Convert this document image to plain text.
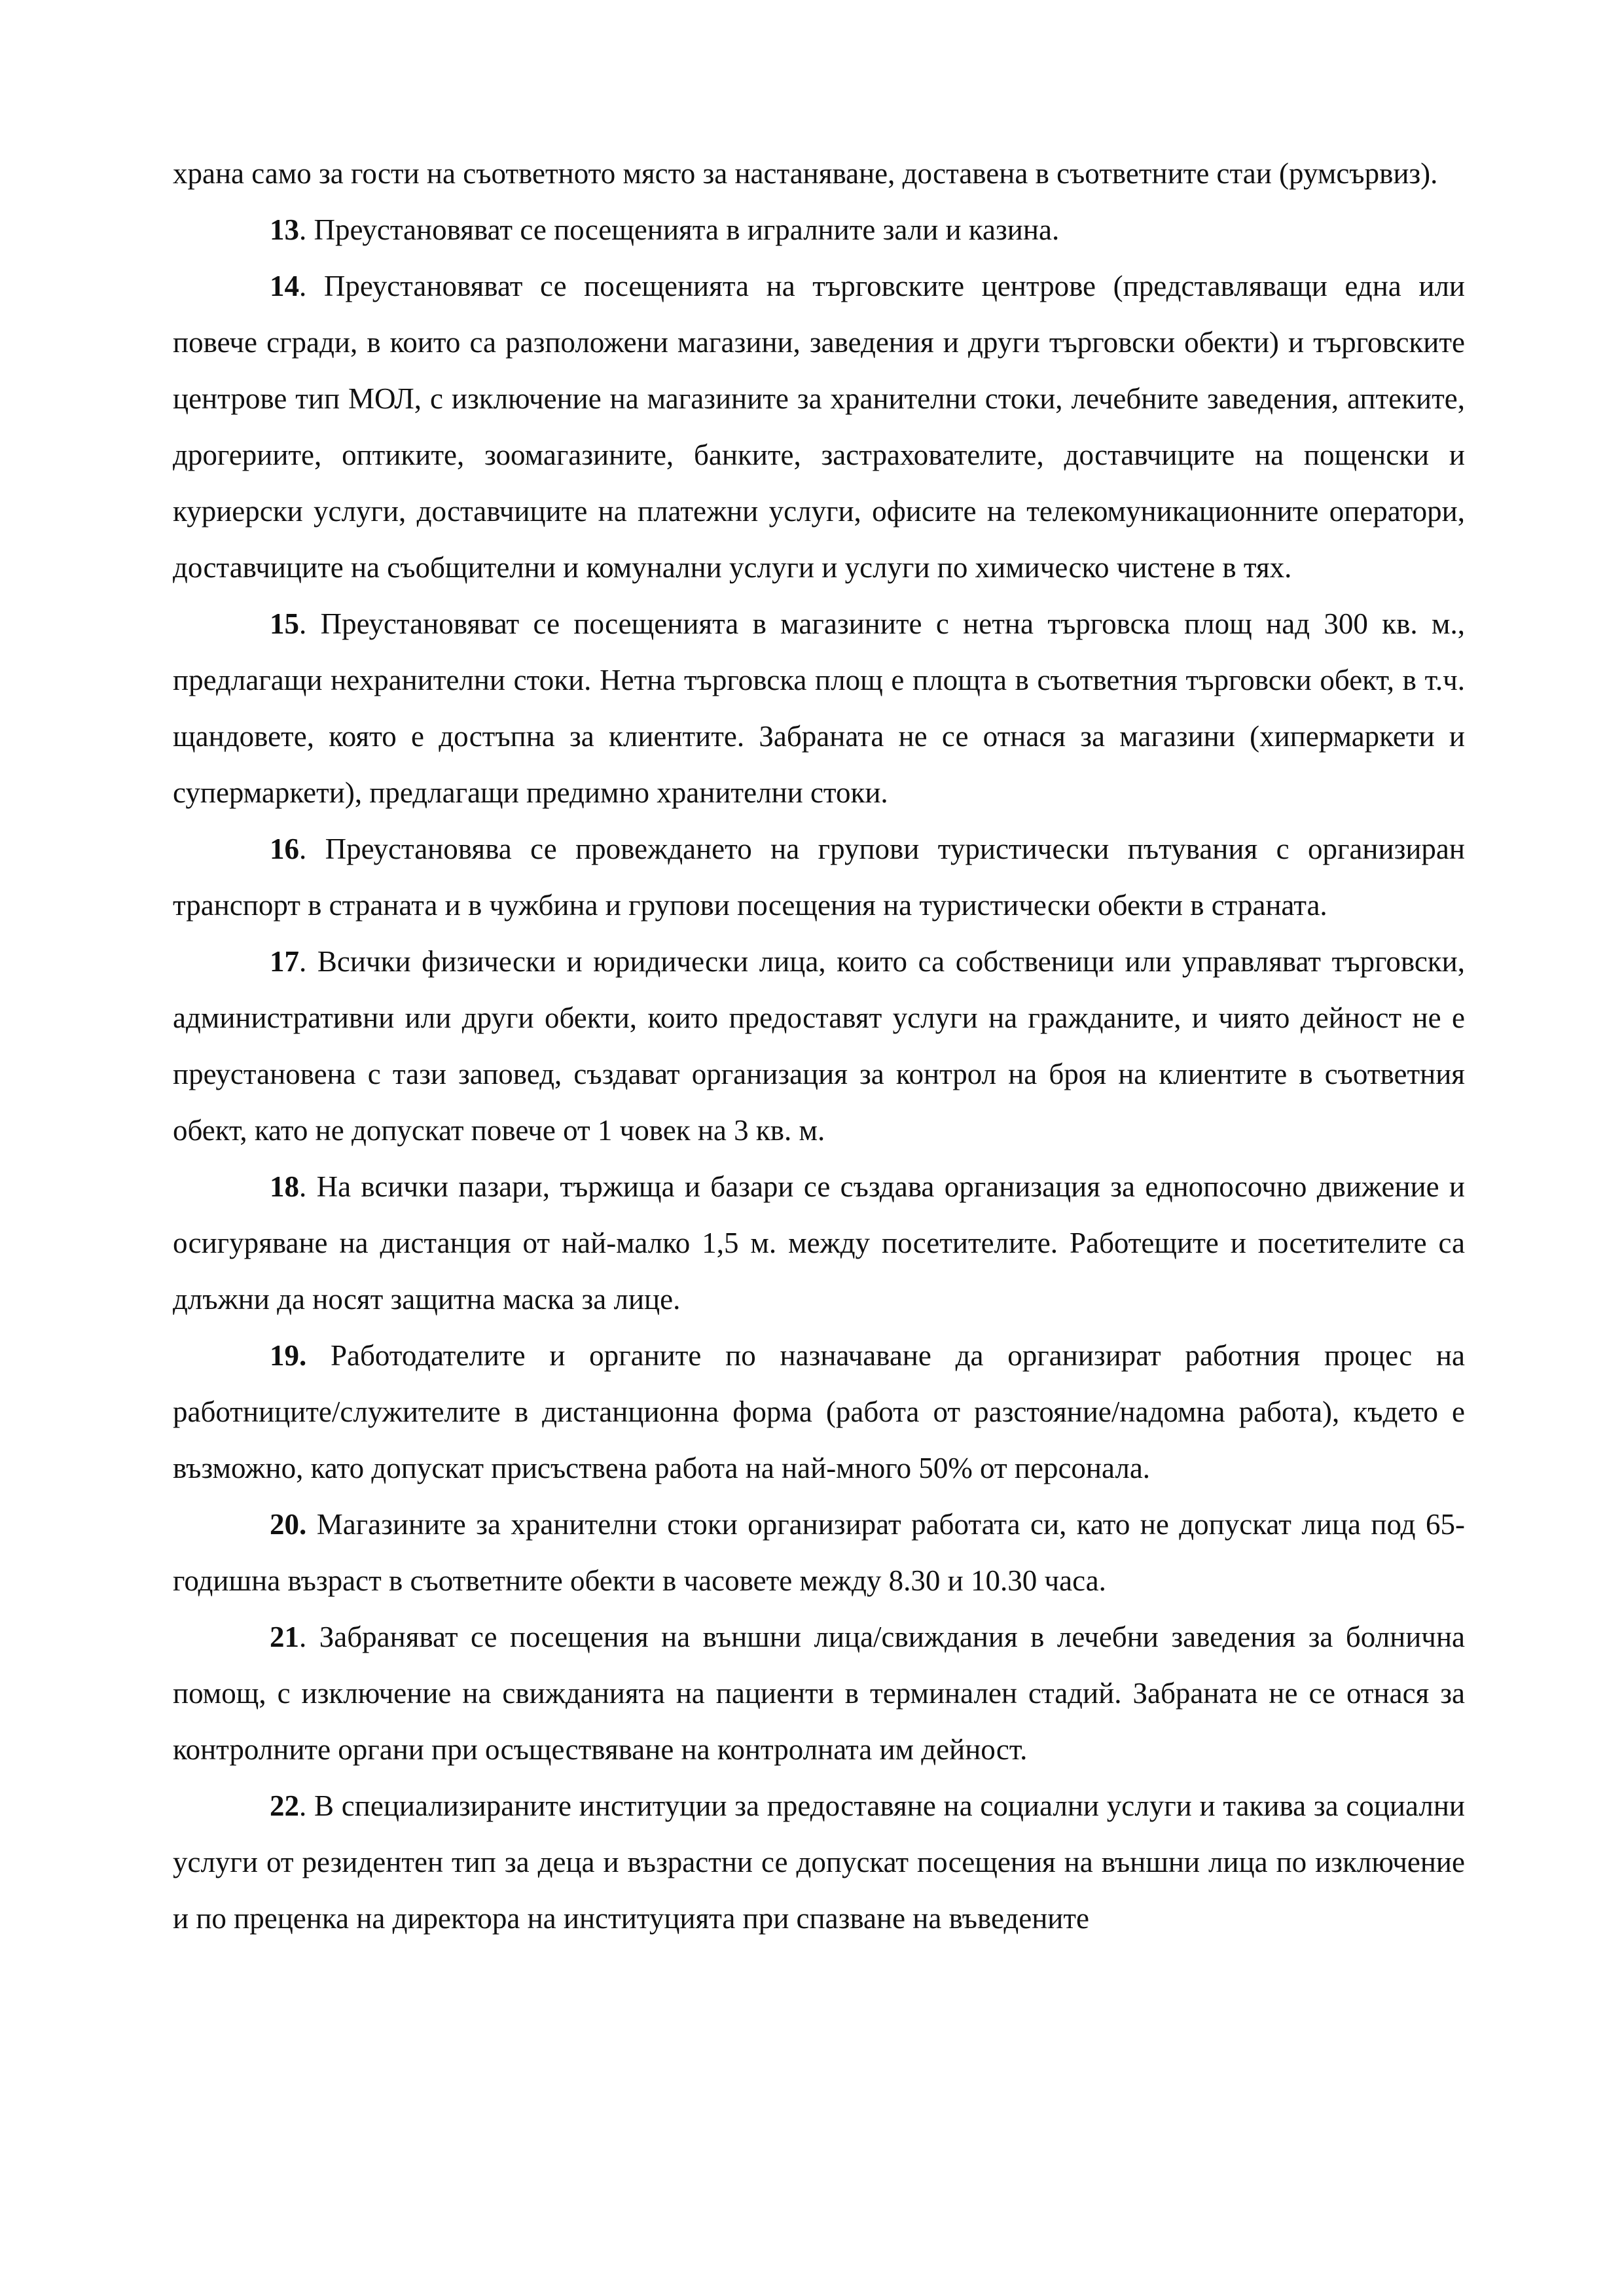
храна само за гости на съответното място за настаняване, доставена в съответните стаи (румсървиз).

13. Преустановяват се посещенията в игралните зали и казина.

14. Преустановяват се посещенията на търговските центрове (представляващи една или повече сгради, в които са разположени магазини, заведения и други търговски обекти) и търговските центрове тип МОЛ, с изключение на магазините за хранителни стоки, лечебните заведения, аптеките, дрогериите, оптиките, зоомагазините, банките, застрахователите, доставчиците на пощенски и куриерски услуги, доставчиците на платежни услуги, офисите на телекомуникационните оператори, доставчиците на съобщителни и комунални услуги и услуги по химическо чистене в тях.

15. Преустановяват се посещенията в магазините с нетна търговска площ над 300 кв. м., предлагащи нехранителни стоки. Нетна търговска площ е площта в съответния търговски обект, в т.ч. щандовете, която е достъпна за клиентите. Забраната не се отнася за магазини (хипермаркети и супермаркети), предлагащи предимно хранителни стоки.

16. Преустановява се провеждането на групови туристически пътувания с организиран транспорт в страната и в чужбина и групови посещения на туристически обекти в страната.

17. Всички физически и юридически лица, които са собственици или управляват търговски, административни или други обекти, които предоставят услуги на гражданите, и чиято дейност не е преустановена с тази заповед, създават организация за контрол на броя на клиентите в съответния обект, като не допускат повече от 1 човек на 3 кв. м.

18. На всички пазари, тържища и базари се създава организация за еднопосочно движение и осигуряване на дистанция от най-малко 1,5 м. между посетителите. Работещите и посетителите са длъжни да носят защитна маска за лице.

19. Работодателите и органите по назначаване да организират работния процес на работниците/служителите в дистанционна форма (работа от разстояние/надомна работа), където е възможно, като допускат присъствена работа на най-много 50% от персонала.

20. Магазините за хранителни стоки организират работата си, като не допускат лица под 65-годишна възраст в съответните обекти в часовете между 8.30 и 10.30 часа.

21. Забраняват се посещения на външни лица/свиждания в лечебни заведения за болнична помощ, с изключение на свижданията на пациенти в терминален стадий. Забраната не се отнася за контролните органи при осъществяване на контролната им дейност.

22. В специализираните институции за предоставяне на социални услуги и такива за социални услуги от резидентен тип за деца и възрастни се допускат посещения на външни лица по изключение и по преценка на директора на институцията при спазване на въведените
